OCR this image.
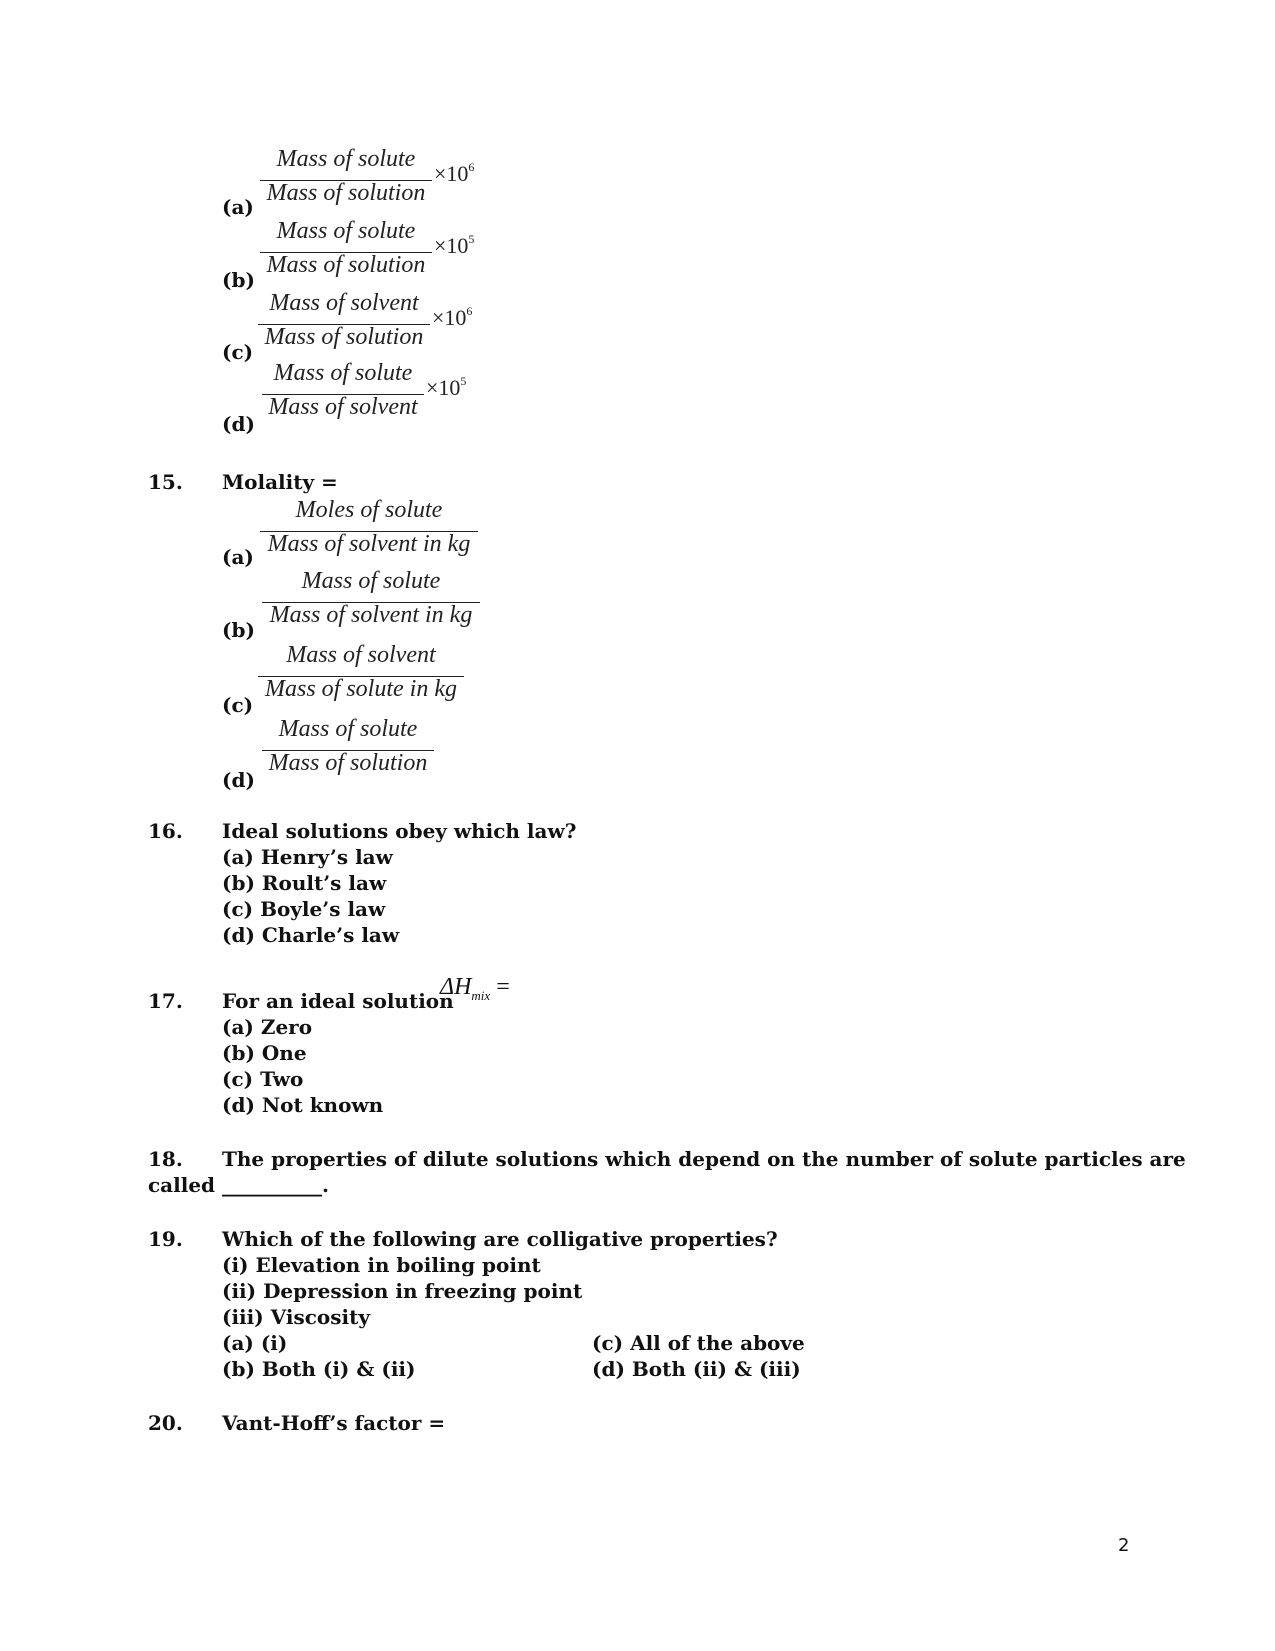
Mass of solute
Mass of solution
$\times 10^6$
(a)
Mass of solute
Mass of solution
$\times 10^5$
(b)
Mass of solvent
Mass of solution
$\times 10^6$
(c)
Mass of solute
Mass of solvent
$\times 10^5$
(d)
15. Molality =
Moles of solute
Mass of solvent in kg
(a)
Mass of solute
Mass of solvent in kg
(b)
Mass of solvent
Mass of solute in kg
(c)
Mass of solute
Mass of solution
(d)
16. Ideal solutions obey which law?
(a) Henry’s law
(b) Roult’s law
(c) Boyle’s law
(d) Charle’s law
17. For an ideal solution
$\Delta H_{mix}$ =
(a) Zero
(b) One
(c) Two
(d) Not known
18. The properties of dilute solutions which depend on the number of solute particles are
called __________.
19. Which of the following are colligative properties?
(i) Elevation in boiling point
(ii) Depression in freezing point
(iii) Viscosity
(a) (i)
(b) Both (i) & (ii)
(c) All of the above
(d) Both (ii) & (iii)
20. Vant-Hoff’s factor =
2
